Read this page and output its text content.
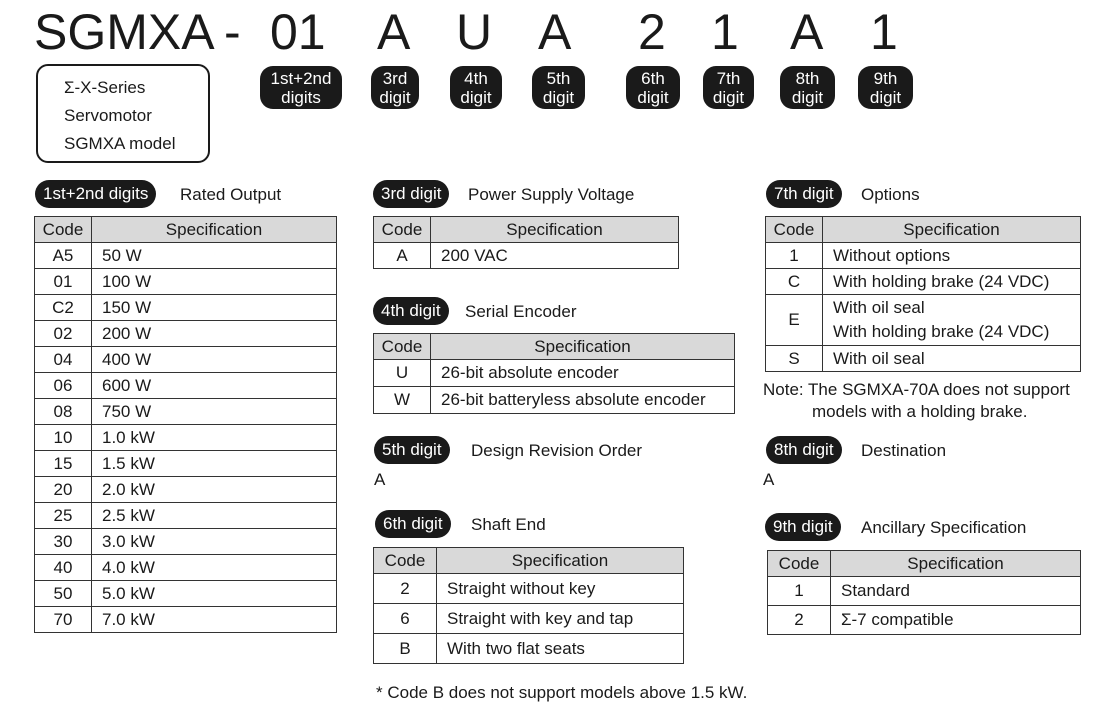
SGMXA - 01 A U A 2 1 A 1
Σ-X-Series
Servomotor
SGMXA model
1st+2nd
digits
3rd
digit
4th
digit
5th
digit
6th
digit
7th
digit
8th
digit
9th
digit
1st+2nd digits	Rated Output
Code	Specification
A5	50 W
01	100 W
C2	150 W
02	200 W
04	400 W
06	600 W
08	750 W
10	1.0 kW
15	1.5 kW
20	2.0 kW
25	2.5 kW
30	3.0 kW
40	4.0 kW
50	5.0 kW
70	7.0 kW
3rd digit	Power Supply Voltage
Code	Specification
A	200 VAC
4th digit	Serial Encoder
Code	Specification
U	26-bit absolute encoder
W	26-bit batteryless absolute encoder
5th digit	Design Revision Order
A
6th digit	Shaft End
Code	Specification
2	Straight without key
6	Straight with key and tap
B	With two flat seats
* Code B does not support models above 1.5 kW.
7th digit	Options
Code	Specification
1	Without options
C	With holding brake (24 VDC)
E	With oil seal
With holding brake (24 VDC)

S	With oil seal
Note: The SGMXA-70A does not support
models with a holding brake.
8th digit	Destination
A
9th digit	Ancillary Specification
Code	Specification
1	Standard
2	Σ-7 compatible
